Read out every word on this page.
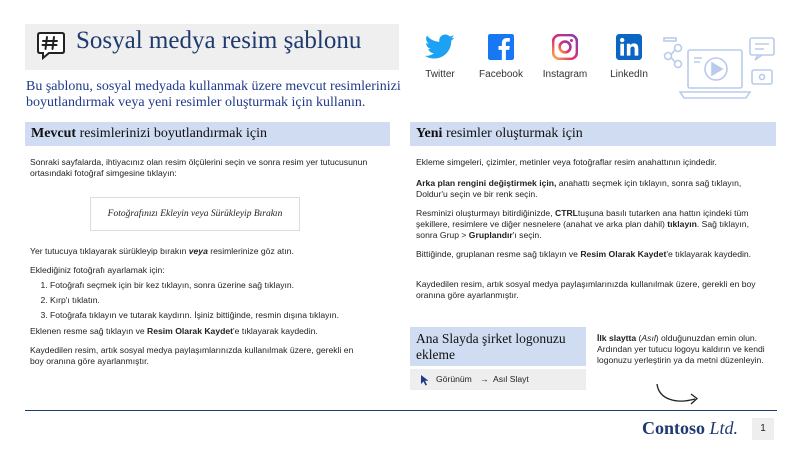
Sosyal medya resim şablonu
Bu şablonu, sosyal medyada kullanmak üzere mevcut resimlerinizi boyutlandırmak veya yeni resimler oluşturmak için kullanın.
Twitter	Facebook	Instagram	LinkedIn
Mevcut resimlerinizi boyutlandırmak için
Sonraki sayfalarda, ihtiyacınız olan resim ölçülerini seçin ve sonra resim yer tutucusunun ortasındaki fotoğraf simgesine tıklayın:
Fotoğrafınızı Ekleyin veya Sürükleyip Bırakın
Yer tutucuya tıklayarak sürükleyip bırakın veya resimlerinize göz atın.
Eklediğiniz fotoğrafı ayarlamak için:
1. Fotoğrafı seçmek için bir kez tıklayın, sonra üzerine sağ tıklayın.
2. Kırp'ı tıklatın.
3. Fotoğrafa tıklayın ve tutarak kaydırın. İşiniz bittiğinde, resmin dışına tıklayın.
Eklenen resme sağ tıklayın ve Resim Olarak Kaydet'e tıklayarak kaydedin.
Kaydedilen resim, artık sosyal medya paylaşımlarınızda kullanılmak üzere, gerekli en boy oranına göre ayarlanmıştır.
Yeni resimler oluşturmak için
Ekleme simgeleri, çizimler, metinler veya fotoğraflar resim anahattının içindedir.
Arka plan rengini değiştirmek için, anahattı seçmek için tıklayın, sonra sağ tıklayın, Doldur'u seçin ve bir renk seçin.
Resminizi oluşturmayı bitirdiğinizde, CTRLtuşuna basılı tutarken ana hattın içindeki tüm şekillere, resimlere ve diğer nesnelere (anahat ve arka plan dahil) tıklayın. Sağ tıklayın, sonra Grup > Gruplandır'ı seçin.
Bittiğinde, gruplanan resme sağ tıklayın ve Resim Olarak Kaydet'e tıklayarak kaydedin.
Kaydedilen resim, artık sosyal medya paylaşımlarınızda kullanılmak üzere, gerekli en boy oranına göre ayarlanmıştır.
Ana Slayda şirket logonuzu ekleme
Görünüm → Asıl Slayt
İlk slaytta (Asıl) olduğunuzdan emin olun. Ardından yer tutucu logoyu kaldırın ve kendi logonuzu yerleştirin ya da metni düzenleyin.
Contoso Ltd.	1
